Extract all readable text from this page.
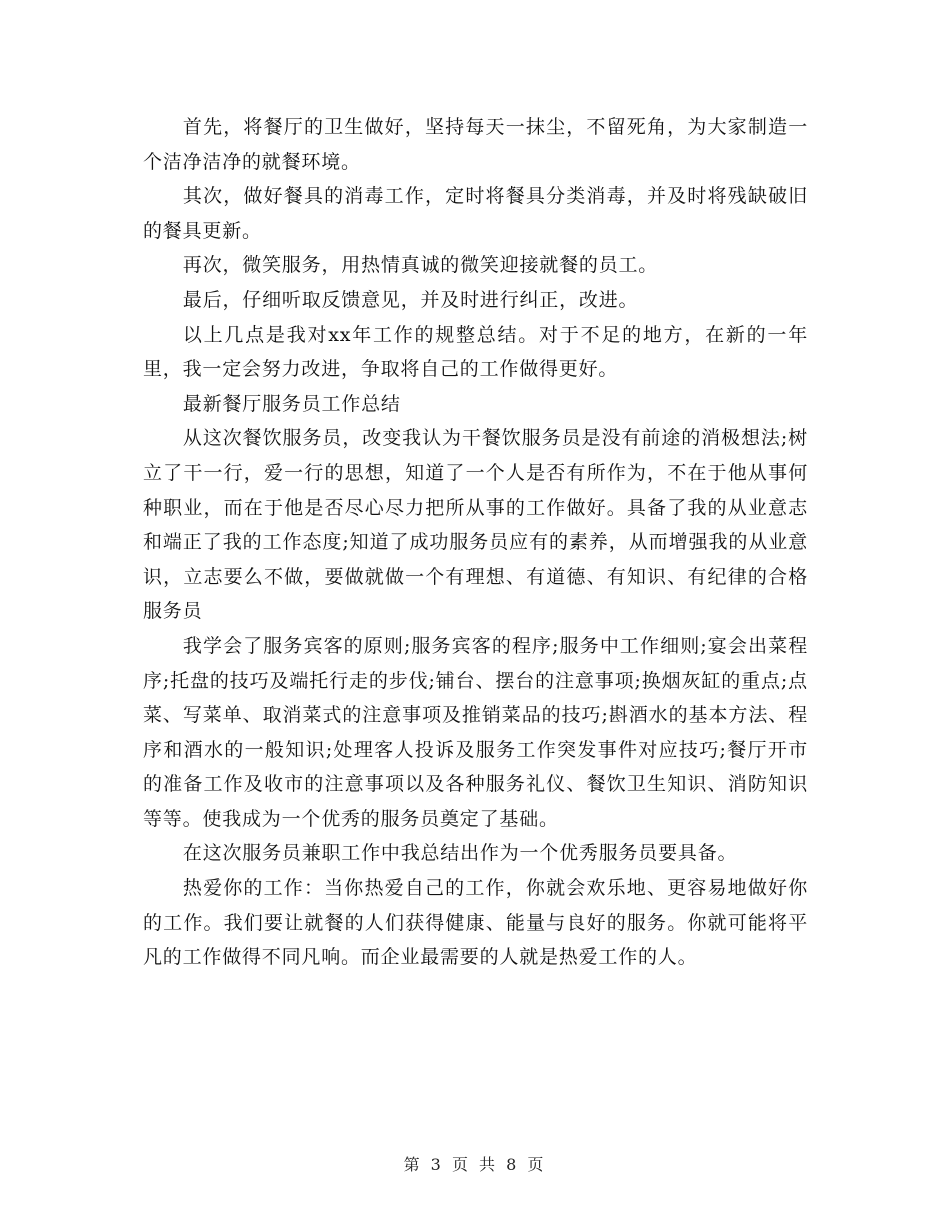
首先，将餐厅的卫生做好，坚持每天一抹尘，不留死角，为大家制造一个洁净洁净的就餐环境。

其次，做好餐具的消毒工作，定时将餐具分类消毒，并及时将残缺破旧的餐具更新。

再次，微笑服务，用热情真诚的微笑迎接就餐的员工。

最后，仔细听取反馈意见，并及时进行纠正，改进。

以上几点是我对xx年工作的规整总结。对于不足的地方，在新的一年里，我一定会努力改进，争取将自己的工作做得更好。

最新餐厅服务员工作总结

从这次餐饮服务员，改变我认为干餐饮服务员是没有前途的消极想法;树立了干一行，爱一行的思想，知道了一个人是否有所作为，不在于他从事何种职业，而在于他是否尽心尽力把所从事的工作做好。具备了我的从业意志和端正了我的工作态度;知道了成功服务员应有的素养，从而增强我的从业意识，立志要么不做，要做就做一个有理想、有道德、有知识、有纪律的合格服务员

我学会了服务宾客的原则;服务宾客的程序;服务中工作细则;宴会出菜程序;托盘的技巧及端托行走的步伐;铺台、摆台的注意事项;换烟灰缸的重点;点菜、写菜单、取消菜式的注意事项及推销菜品的技巧;斟酒水的基本方法、程序和酒水的一般知识;处理客人投诉及服务工作突发事件对应技巧;餐厅开市的准备工作及收市的注意事项以及各种服务礼仪、餐饮卫生知识、消防知识等等。使我成为一个优秀的服务员奠定了基础。

在这次服务员兼职工作中我总结出作为一个优秀服务员要具备。

热爱你的工作：当你热爱自己的工作，你就会欢乐地、更容易地做好你的工作。我们要让就餐的人们获得健康、能量与良好的服务。你就可能将平凡的工作做得不同凡响。而企业最需要的人就是热爱工作的人。

第 3 页 共 8 页
